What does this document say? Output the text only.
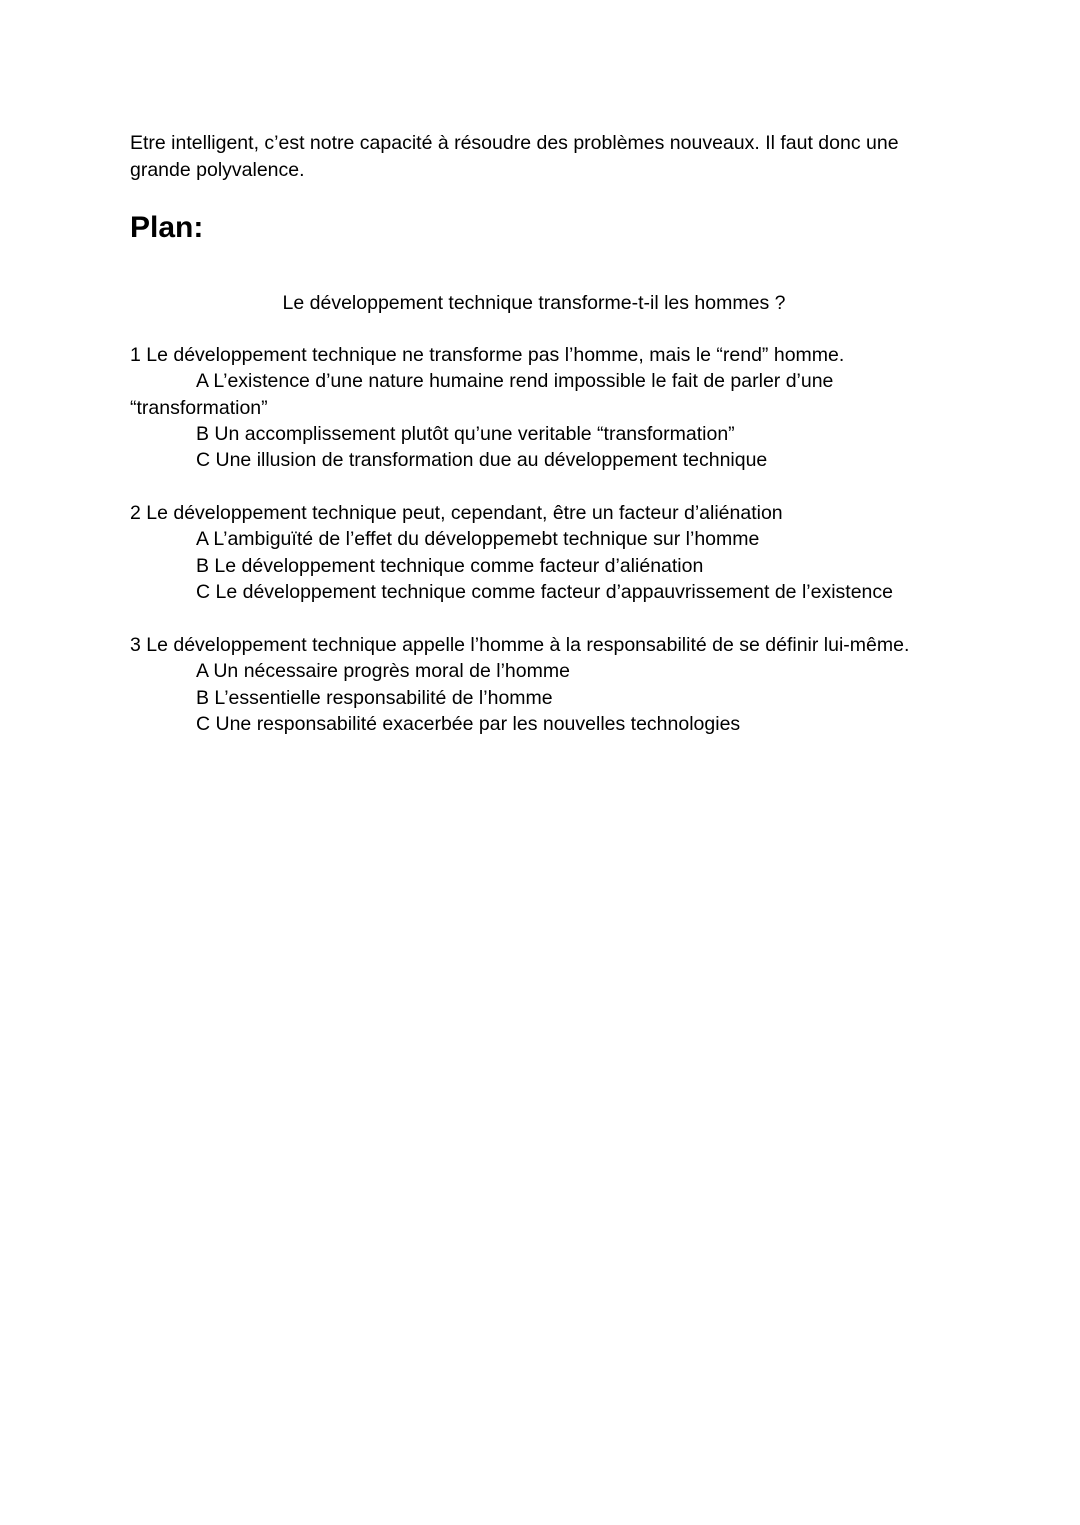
Etre intelligent, c’est notre capacité à résoudre des problèmes nouveaux. Il faut donc une
grande polyvalence.
Plan:
Le développement technique transforme-t-il les hommes ?

1 Le développement technique ne transforme pas l’homme, mais le “rend” homme.

A L’existence d’une nature humaine rend impossible le fait de parler d’une

“transformation”

B Un accomplissement plutôt qu’une veritable “transformation”

C Une illusion de transformation due au développement technique

2 Le développement technique peut, cependant, être un facteur d’aliénation

A L’ambiguïté de l’effet du développemebt technique sur l’homme

B Le développement technique comme facteur d’aliénation

C Le développement technique comme facteur d’appauvrissement de l’existence

3 Le développement technique appelle l’homme à la responsabilité de se définir lui-même.

A Un nécessaire progrès moral de l’homme

B L’essentielle responsabilité de l’homme

C Une responsabilité exacerbée par les nouvelles technologies
